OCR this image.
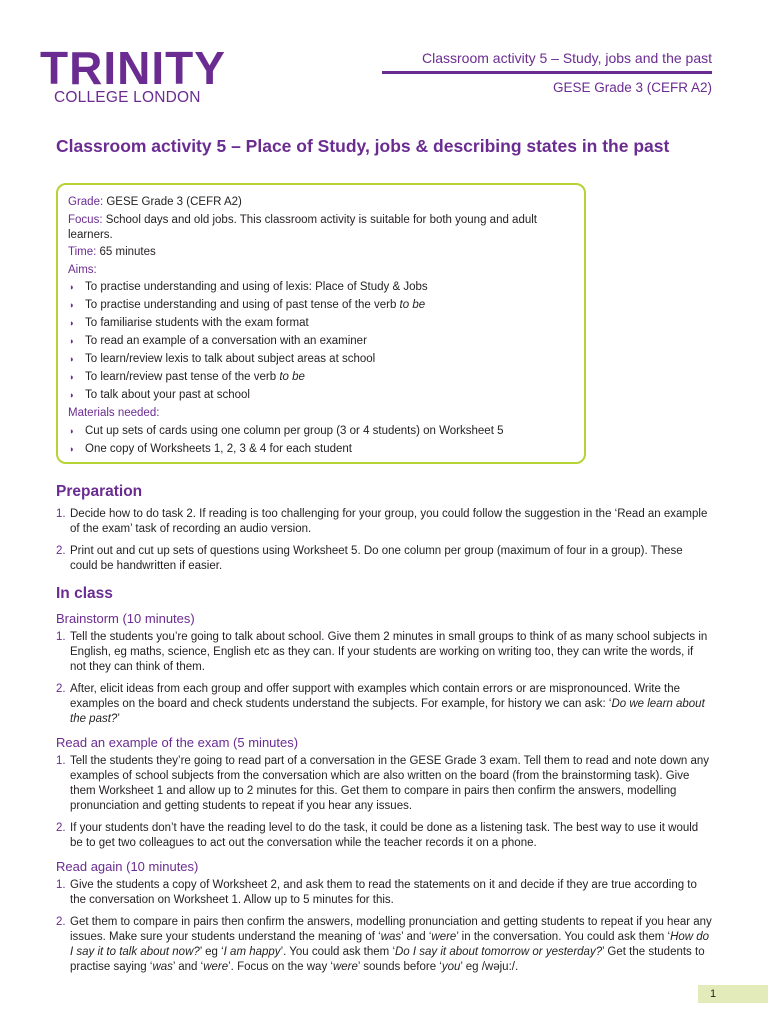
TRINITY
COLLEGE LONDON
Classroom activity 5 – Study, jobs and the past
GESE Grade 3 (CEFR A2)
Classroom activity 5 – Place of Study, jobs & describing states in the past
Grade: GESE Grade 3 (CEFR A2)
Focus: School days and old jobs. This classroom activity is suitable for both young and adult learners.
Time: 65 minutes
Aims:
◗ To practise understanding and using of lexis: Place of Study & Jobs
◗ To practise understanding and using of past tense of the verb to be
◗ To familiarise students with the exam format
◗ To read an example of a conversation with an examiner
◗ To learn/review lexis to talk about subject areas at school
◗ To learn/review past tense of the verb to be
◗ To talk about your past at school
Materials needed:
◗ Cut up sets of cards using one column per group (3 or 4 students) on Worksheet 5
◗ One copy of Worksheets 1, 2, 3 & 4 for each student
Preparation
1. Decide how to do task 2. If reading is too challenging for your group, you could follow the suggestion in the ‘Read an example of the exam’ task of recording an audio version.

2. Print out and cut up sets of questions using Worksheet 5. Do one column per group (maximum of four in a group). These could be handwritten if easier.

In class
Brainstorm (10 minutes)
1. Tell the students you’re going to talk about school. Give them 2 minutes in small groups to think of as many school subjects in English, eg maths, science, English etc as they can. If your students are working on writing too, they can write the words, if not they can think of them.

2. After, elicit ideas from each group and offer support with examples which contain errors or are mispronounced. Write the examples on the board and check students understand the subjects. For example, for history we can ask: ‘Do we learn about the past?’

Read an example of the exam (5 minutes)
1. Tell the students they’re going to read part of a conversation in the GESE Grade 3 exam. Tell them to read and note down any examples of school subjects from the conversation which are also written on the board (from the brainstorming task). Give them Worksheet 1 and allow up to 2 minutes for this. Get them to compare in pairs then confirm the answers, modelling pronunciation and getting students to repeat if you hear any issues.

2. If your students don’t have the reading level to do the task, it could be done as a listening task. The best way to use it would be to get two colleagues to act out the conversation while the teacher records it on a phone.

Read again (10 minutes)
1. Give the students a copy of Worksheet 2, and ask them to read the statements on it and decide if they are true according to the conversation on Worksheet 1. Allow up to 5 minutes for this.

2. Get them to compare in pairs then confirm the answers, modelling pronunciation and getting students to repeat if you hear any issues. Make sure your students understand the meaning of ‘was’ and ‘were’ in the conversation. You could ask them ‘How do I say it to talk about now?’ eg ‘I am happy’. You could ask them ‘Do I say it about tomorrow or yesterday?’ Get the students to practise saying ‘was’ and ‘were’. Focus on the way ‘were’ sounds before ‘you’ eg /wəju:/.

1
